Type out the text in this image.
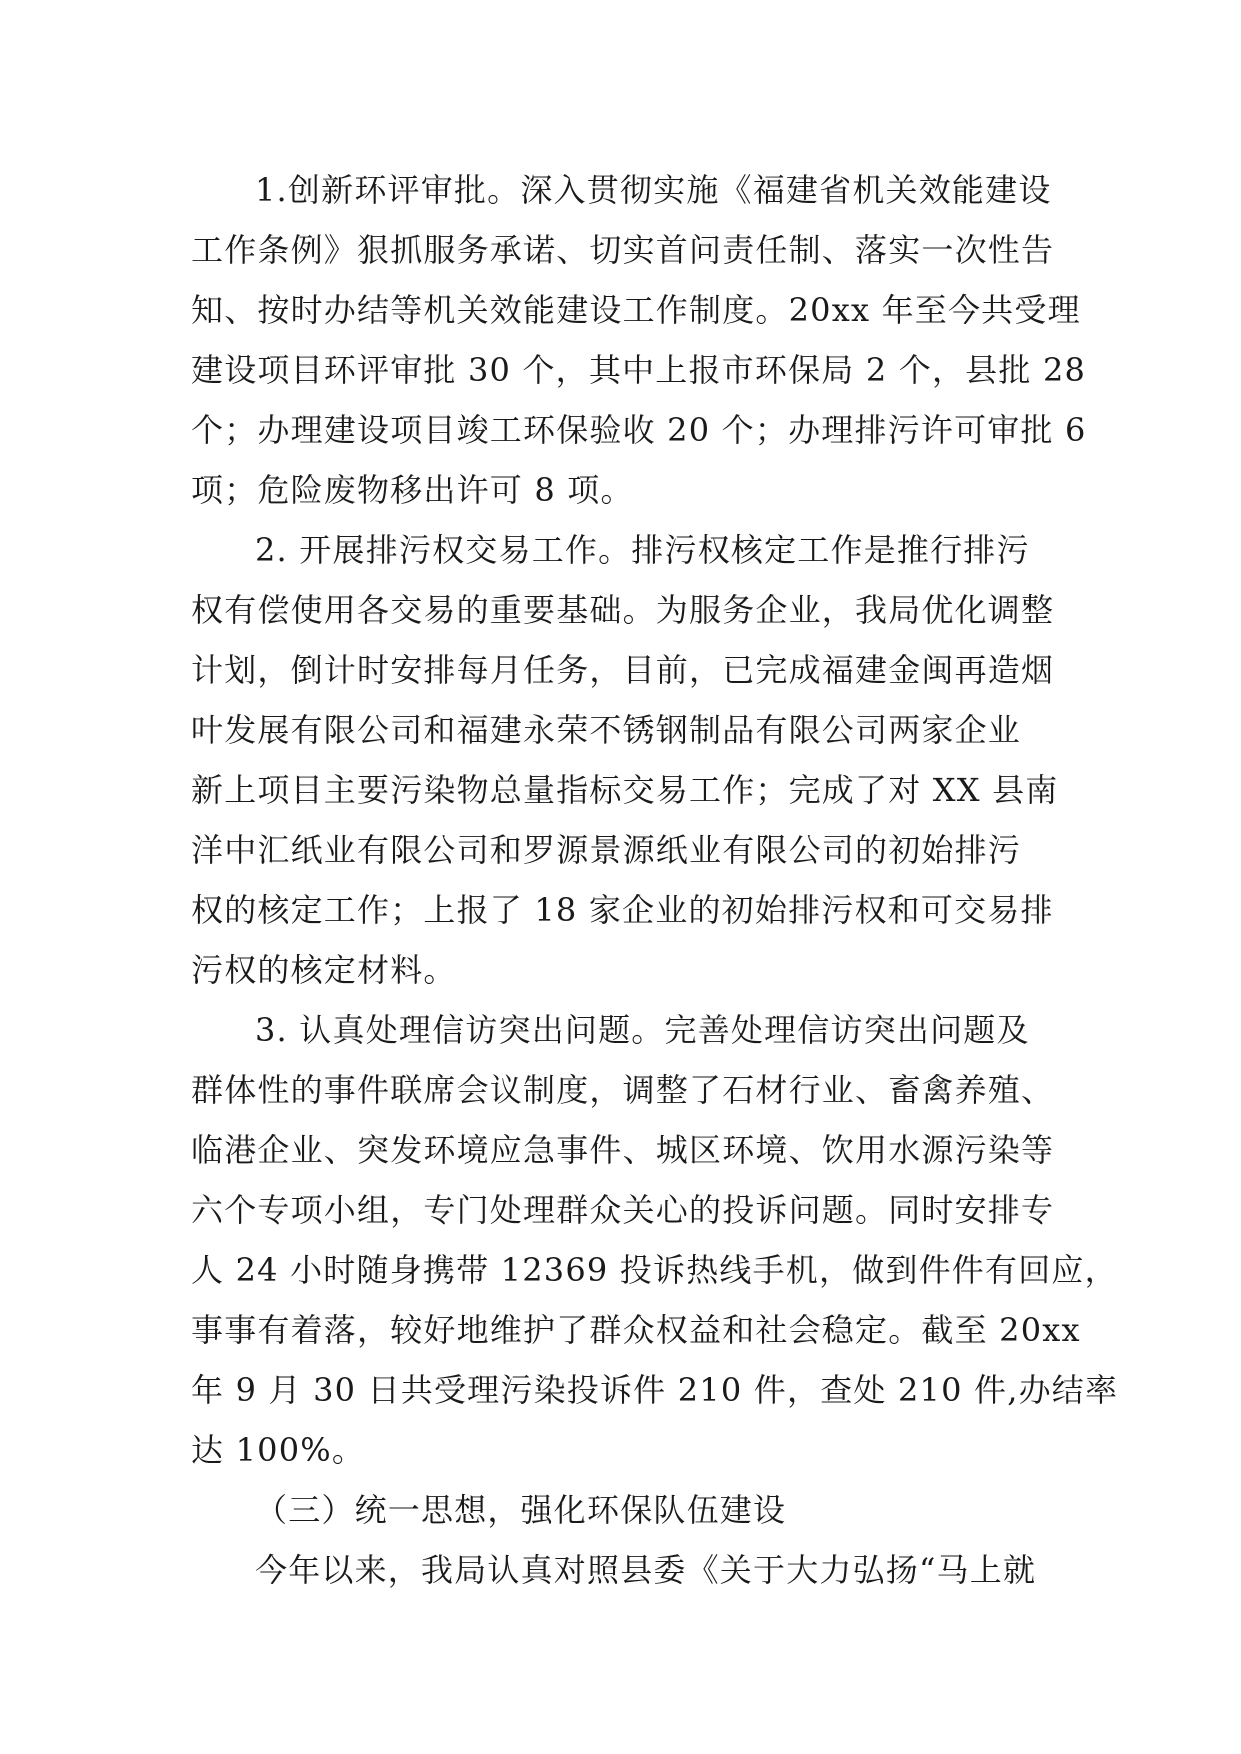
1.创新环评审批。深入贯彻实施《福建省机关效能建设
工作条例》狠抓服务承诺、切实首问责任制、落实一次性告
知、按时办结等机关效能建设工作制度。20xx 年至今共受理
建设项目环评审批 30 个，其中上报市环保局 2 个，县批 28
个；办理建设项目竣工环保验收 20 个；办理排污许可审批 6
项；危险废物移出许可 8 项。

2. 开展排污权交易工作。排污权核定工作是推行排污
权有偿使用各交易的重要基础。为服务企业，我局优化调整
计划，倒计时安排每月任务，目前，已完成福建金闽再造烟
叶发展有限公司和福建永荣不锈钢制品有限公司两家企业
新上项目主要污染物总量指标交易工作；完成了对 XX 县南
洋中汇纸业有限公司和罗源景源纸业有限公司的初始排污
权的核定工作；上报了 18 家企业的初始排污权和可交易排
污权的核定材料。

3. 认真处理信访突出问题。完善处理信访突出问题及
群体性的事件联席会议制度，调整了石材行业、畜禽养殖、
临港企业、突发环境应急事件、城区环境、饮用水源污染等
六个专项小组，专门处理群众关心的投诉问题。同时安排专
人 24 小时随身携带 12369 投诉热线手机，做到件件有回应，
事事有着落，较好地维护了群众权益和社会稳定。截至 20xx
年 9 月 30 日共受理污染投诉件 210 件，查处 210 件,办结率
达 100%。

（三）统一思想，强化环保队伍建设

今年以来，我局认真对照县委《关于大力弘扬“马上就
